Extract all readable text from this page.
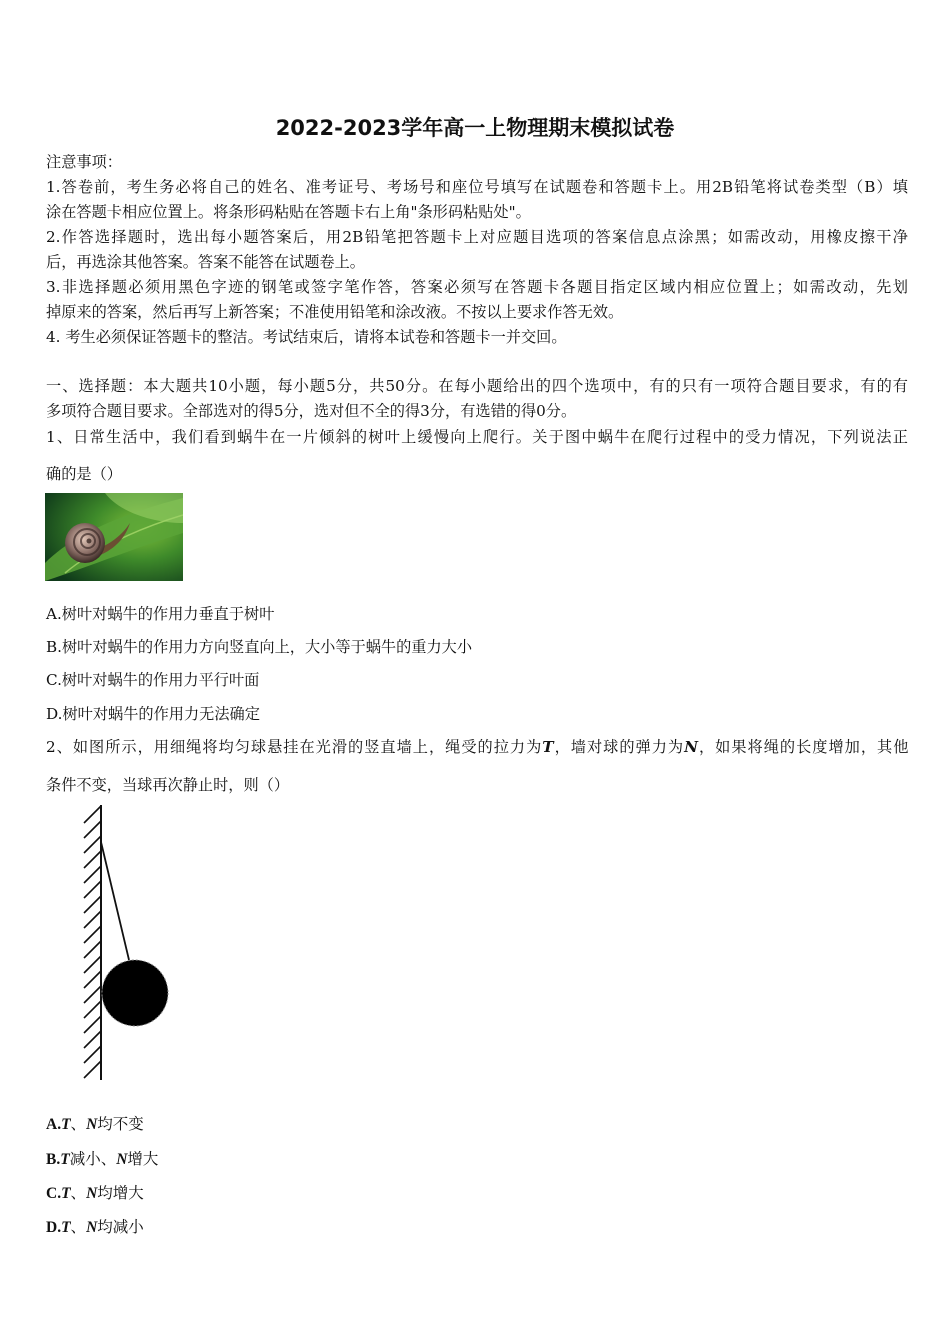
2022-2023学年高一上物理期末模拟试卷
注意事项：
1.答卷前，考生务必将自己的姓名、准考证号、考场号和座位号填写在试题卷和答题卡上。用2B铅笔将试卷类型（B）填
涂在答题卡相应位置上。将条形码粘贴在答题卡右上角"条形码粘贴处"。
2.作答选择题时，选出每小题答案后，用2B铅笔把答题卡上对应题目选项的答案信息点涂黑；如需改动，用橡皮擦干净
后，再选涂其他答案。答案不能答在试题卷上。
3.非选择题必须用黑色字迹的钢笔或签字笔作答，答案必须写在答题卡各题目指定区域内相应位置上；如需改动，先划
掉原来的答案，然后再写上新答案；不准使用铅笔和涂改液。不按以上要求作答无效。
4. 考生必须保证答题卡的整洁。考试结束后，请将本试卷和答题卡一并交回。
一、选择题：本大题共10小题，每小题5分，共50分。在每小题给出的四个选项中，有的只有一项符合题目要求，有的有
多项符合题目要求。全部选对的得5分，选对但不全的得3分，有选错的得0分。
1、日常生活中，我们看到蜗牛在一片倾斜的树叶上缓慢向上爬行。关于图中蜗牛在爬行过程中的受力情况，下列说法正
确的是（）
A.树叶对蜗牛的作用力垂直于树叶
B.树叶对蜗牛的作用力方向竖直向上，大小等于蜗牛的重力大小
C.树叶对蜗牛的作用力平行叶面
D.树叶对蜗牛的作用力无法确定
2、如图所示，用细绳将均匀球悬挂在光滑的竖直墙上，绳受的拉力为T，墙对球的弹力为N，如果将绳的长度增加，其他
条件不变，当球再次静止时，则（）
A.T、N均不变
B.T减小、N增大
C.T、N均增大
D.T、N均减小
